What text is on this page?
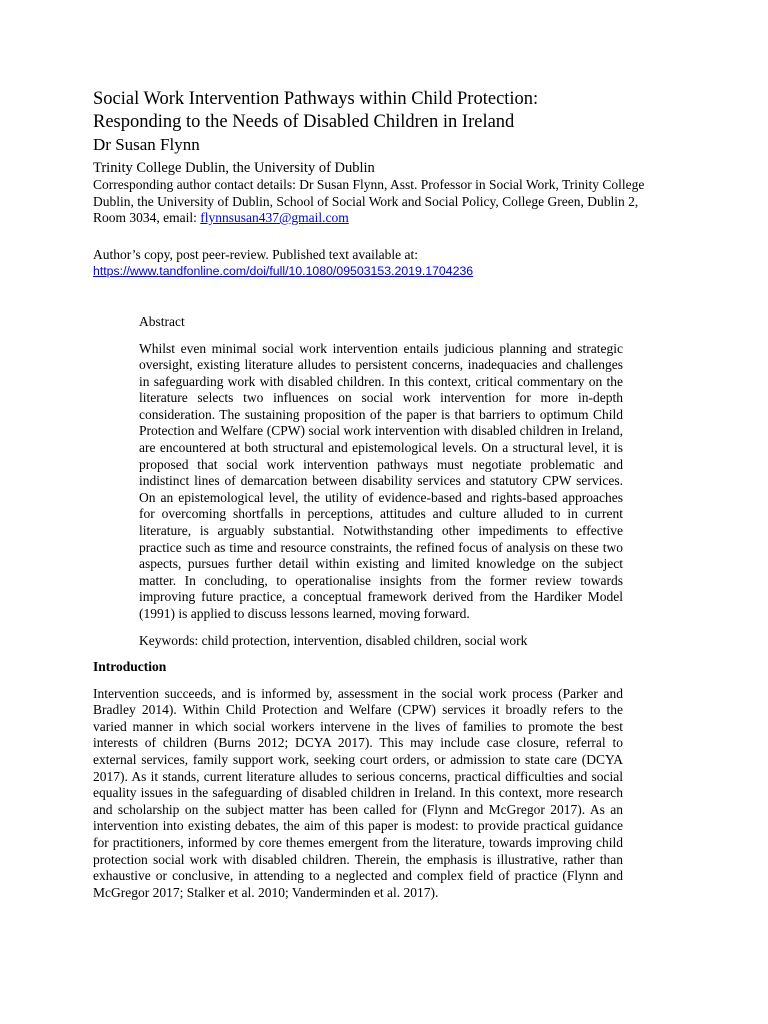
Social Work Intervention Pathways within Child Protection:
Responding to the Needs of Disabled Children in Ireland

Dr Susan Flynn

Trinity College Dublin, the University of Dublin

Corresponding author contact details: Dr Susan Flynn, Asst. Professor in Social Work, Trinity College Dublin, the University of Dublin, School of Social Work and Social Policy, College Green, Dublin 2, Room 3034, email: flynnsusan437@gmail.com

Author’s copy, post peer-review. Published text available at:
https://www.tandfonline.com/doi/full/10.1080/09503153.2019.1704236

Abstract

Whilst even minimal social work intervention entails judicious planning and strategic oversight, existing literature alludes to persistent concerns, inadequacies and challenges in safeguarding work with disabled children. In this context, critical commentary on the literature selects two influences on social work intervention for more in-depth consideration. The sustaining proposition of the paper is that barriers to optimum Child Protection and Welfare (CPW) social work intervention with disabled children in Ireland, are encountered at both structural and epistemological levels. On a structural level, it is proposed that social work intervention pathways must negotiate problematic and indistinct lines of demarcation between disability services and statutory CPW services. On an epistemological level, the utility of evidence-based and rights-based approaches for overcoming shortfalls in perceptions, attitudes and culture alluded to in current literature, is arguably substantial. Notwithstanding other impediments to effective practice such as time and resource constraints, the refined focus of analysis on these two aspects, pursues further detail within existing and limited knowledge on the subject matter. In concluding, to operationalise insights from the former review towards improving future practice, a conceptual framework derived from the Hardiker Model (1991) is applied to discuss lessons learned, moving forward.

Keywords: child protection, intervention, disabled children, social work

Introduction

Intervention succeeds, and is informed by, assessment in the social work process (Parker and Bradley 2014). Within Child Protection and Welfare (CPW) services it broadly refers to the varied manner in which social workers intervene in the lives of families to promote the best interests of children (Burns 2012; DCYA 2017). This may include case closure, referral to external services, family support work, seeking court orders, or admission to state care (DCYA 2017). As it stands, current literature alludes to serious concerns, practical difficulties and social equality issues in the safeguarding of disabled children in Ireland. In this context, more research and scholarship on the subject matter has been called for (Flynn and McGregor 2017). As an intervention into existing debates, the aim of this paper is modest: to provide practical guidance for practitioners, informed by core themes emergent from the literature, towards improving child protection social work with disabled children. Therein, the emphasis is illustrative, rather than exhaustive or conclusive, in attending to a neglected and complex field of practice (Flynn and McGregor 2017; Stalker et al. 2010; Vanderminden et al. 2017).
